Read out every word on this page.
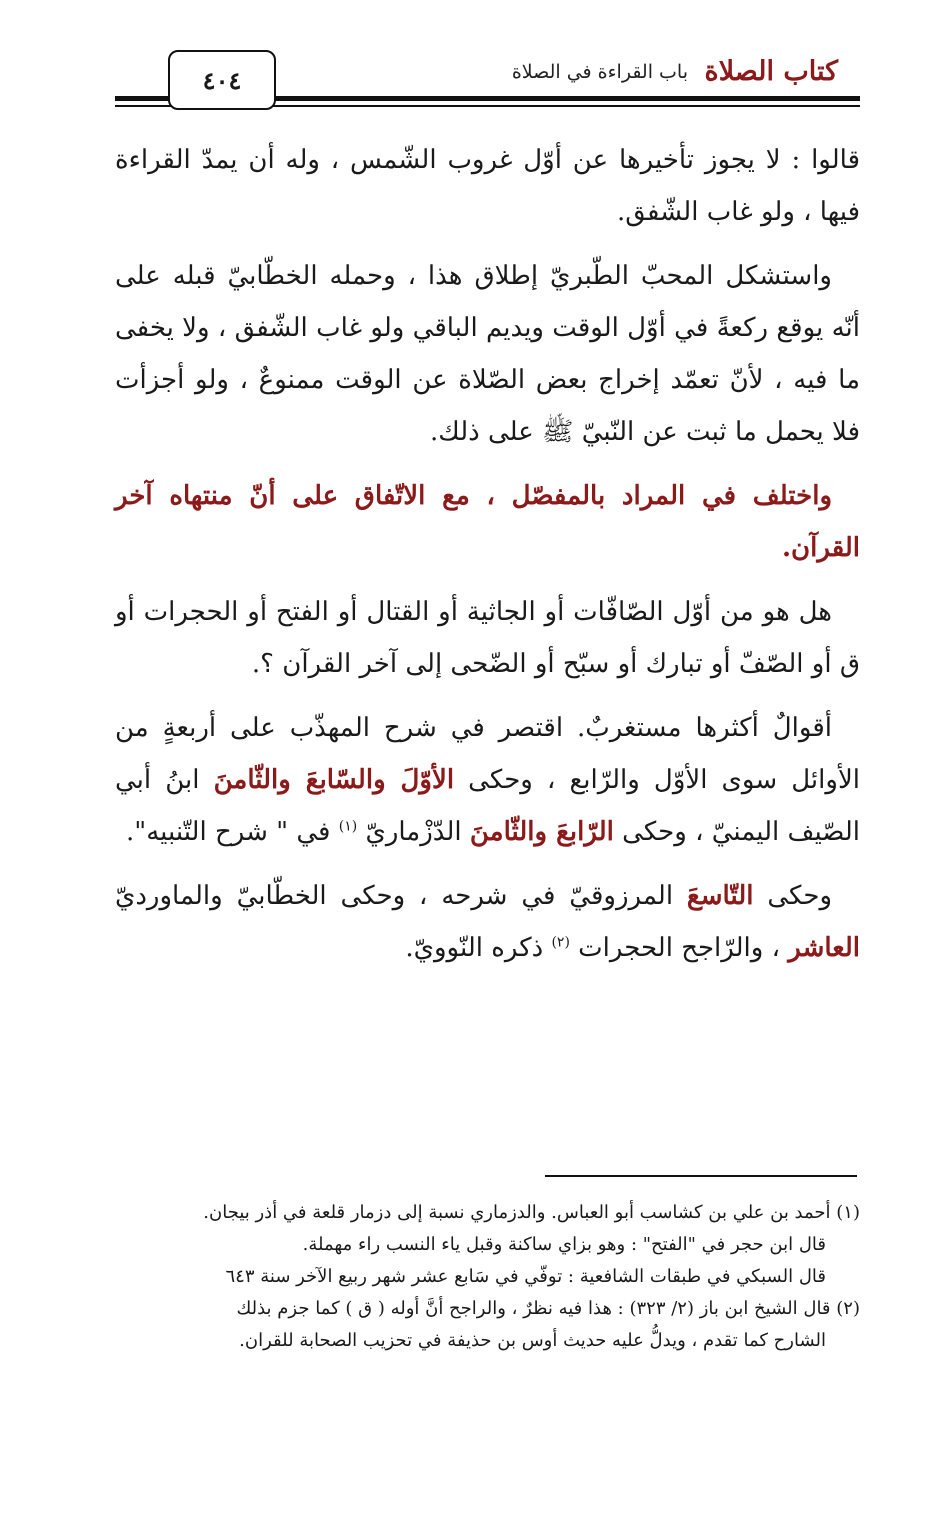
كتاب الصلاة
باب القراءة في الصلاة
٤٠٤

قالوا : لا يجوز تأخيرها عن أوّل غروب الشّمس ، وله أن يمدّ القراءة فيها ، ولو غاب الشّفق.

واستشكل المحبّ الطّبريّ إطلاق هذا ، وحمله الخطّابيّ قبله على أنّه يوقع ركعةً في أوّل الوقت ويديم الباقي ولو غاب الشّفق ، ولا يخفى ما فيه ، لأنّ تعمّد إخراج بعض الصّلاة عن الوقت ممنوعٌ ، ولو أجزأت فلا يحمل ما ثبت عن النّبيّ ﷺ على ذلك.

واختلف في المراد بالمفصّل ، مع الاتّفاق على أنّ منتهاه آخر القرآن.

هل هو من أوّل الصّافّات أو الجاثية أو القتال أو الفتح أو الحجرات أو ق أو الصّفّ أو تبارك أو سبّح أو الضّحى إلى آخر القرآن ؟.

أقوالٌ أكثرها مستغربٌ. اقتصر في شرح المهذّب على أربعةٍ من الأوائل سوى الأوّل والرّابع ، وحكى الأوّلَ والسّابعَ والثّامنَ ابنُ أبي الصّيف اليمنيّ ، وحكى الرّابعَ والثّامنَ الدّزْماريّ $^{(١)}$ في " شرح التّنبيه".

وحكى التّاسعَ المرزوقيّ في شرحه ، وحكى الخطّابيّ والماورديّ العاشر ، والرّاجح الحجرات $^{(٢)}$ ذكره النّوويّ.

(١) أحمد بن علي بن كشاسب أبو العباس. والدزماري نسبة إلى دزمار قلعة في أذر بيجان.

قال ابن حجر في "الفتح" : وهو بزاي ساكنة وقبل ياء النسب راء مهملة.

قال السبكي في طبقات الشافعية : توفّي في سَابع عشر شهر ربيع الآخر سنة ٦٤٣

(٢) قال الشيخ ابن باز (٢/ ٣٢٣) : هذا فيه نظرٌ ، والراجح أنَّ أوله ( ق ) كما جزم بذلك

الشارح كما تقدم ، ويدلُّ عليه حديث أوس بن حذيفة في تحزيب الصحابة للقران.
